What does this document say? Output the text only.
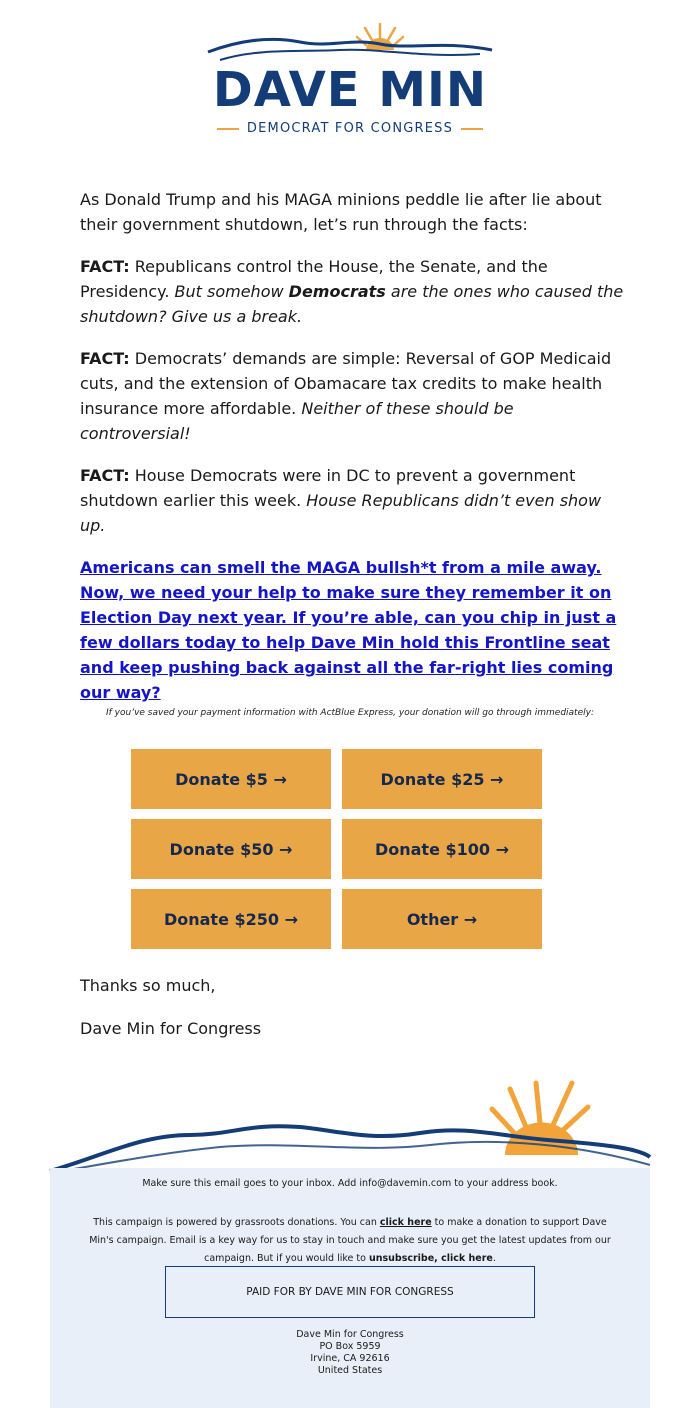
DAVE MIN
DEMOCRAT FOR CONGRESS

As Donald Trump and his MAGA minions peddle lie after lie about their government shutdown, let’s run through the facts:

FACT: Republicans control the House, the Senate, and the Presidency. But somehow Democrats are the ones who caused the shutdown? Give us a break.

FACT: Democrats’ demands are simple: Reversal of GOP Medicaid cuts, and the extension of Obamacare tax credits to make health insurance more affordable. Neither of these should be controversial!

FACT: House Democrats were in DC to prevent a government shutdown earlier this week. House Republicans didn’t even show up.

Americans can smell the MAGA bullsh*t from a mile away. Now, we need your help to make sure they remember it on Election Day next year. If you’re able, can you chip in just a few dollars today to help Dave Min hold this Frontline seat and keep pushing back against all the far-right lies coming our way?
If you’ve saved your payment information with ActBlue Express, your donation will go through immediately:
Donate $5 →	Donate $25 →
Donate $50 →	Donate $100 →
Donate $250 →	Other →

Thanks so much,

Dave Min for Congress

Make sure this email goes to your inbox. Add info@davemin.com to your address book.
This campaign is powered by grassroots donations. You can click here to make a donation to support Dave Min's campaign. Email is a key way for us to stay in touch and make sure you get the latest updates from our campaign. But if you would like to unsubscribe, click here.
PAID FOR BY DAVE MIN FOR CONGRESS
Dave Min for Congress
PO Box 5959
Irvine, CA 92616
United States
